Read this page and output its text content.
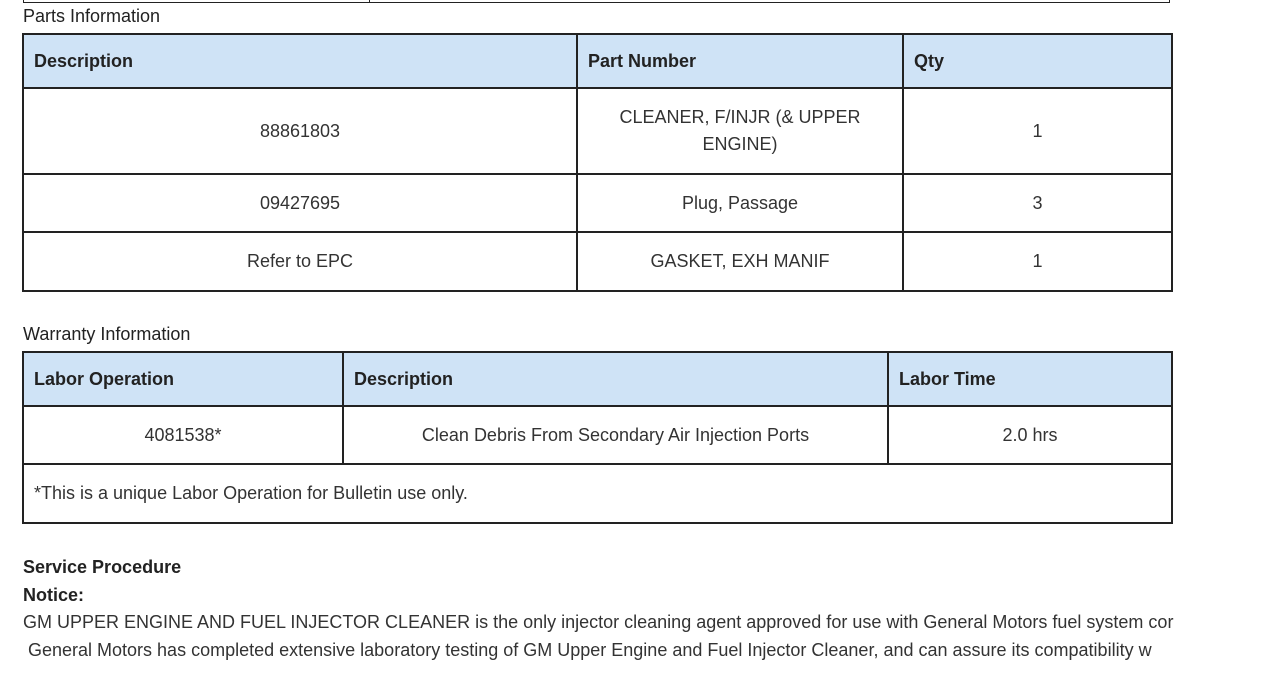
Parts Information
Description	Part Number	Qty
88861803	CLEANER, F/INJR (& UPPER ENGINE)	1
09427695	Plug, Passage	3
Refer to EPC	GASKET, EXH MANIF	1
Warranty Information
Labor Operation	Description	Labor Time
4081538*	Clean Debris From Secondary Air Injection Ports	2.0 hrs
*This is a unique Labor Operation for Bulletin use only.		
Service Procedure
Notice:
GM UPPER ENGINE AND FUEL INJECTOR CLEANER is the only injector cleaning agent approved for use with General Motors fuel system cor
General Motors has completed extensive laboratory testing of GM Upper Engine and Fuel Injector Cleaner, and can assure its compatibility w
